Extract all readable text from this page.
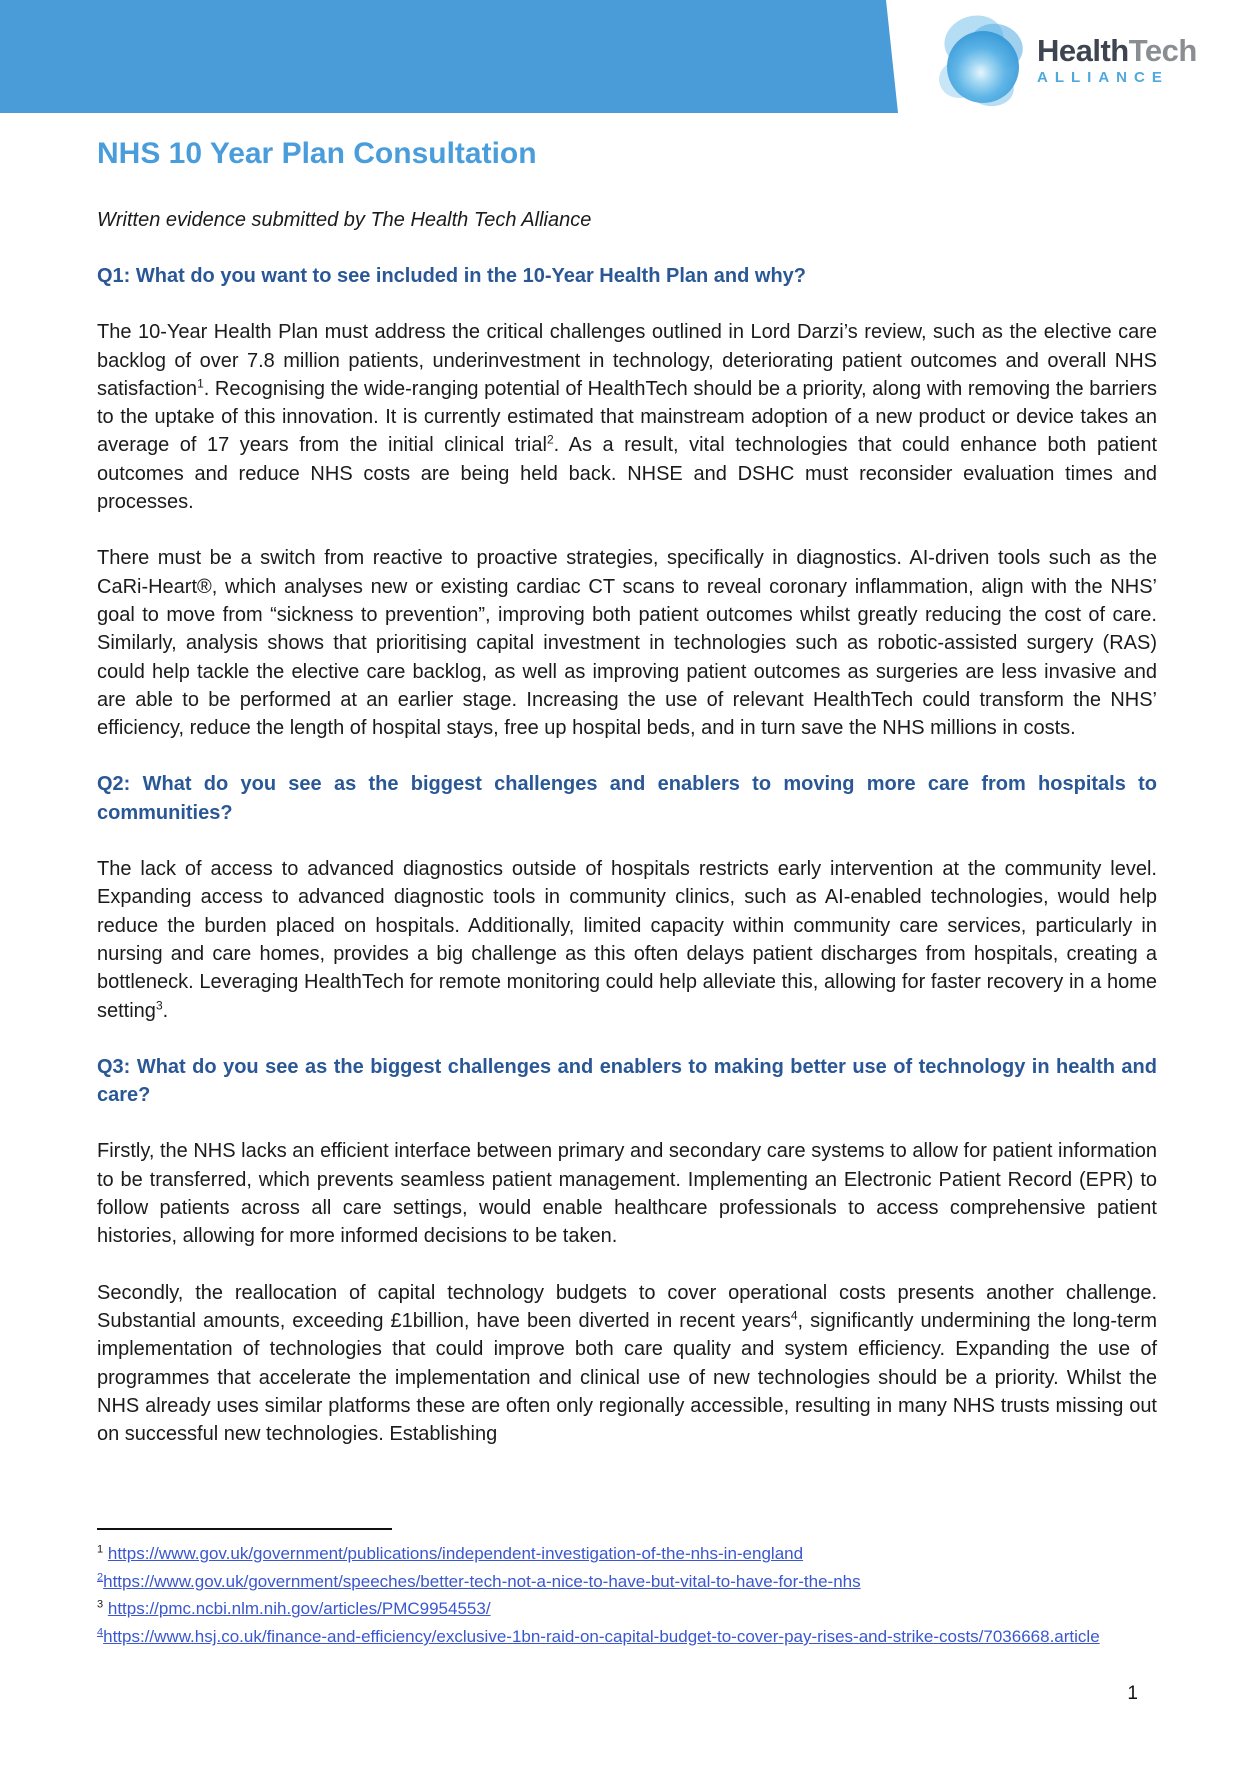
HealthTech
ALLIANCE
NHS 10 Year Plan Consultation

Written evidence submitted by The Health Tech Alliance

Q1: What do you want to see included in the 10-Year Health Plan and why?

The 10-Year Health Plan must address the critical challenges outlined in Lord Darzi’s review, such as the elective care backlog of over 7.8 million patients, underinvestment in technology, deteriorating patient outcomes and overall NHS satisfaction$^1$. Recognising the wide-ranging potential of HealthTech should be a priority, along with removing the barriers to the uptake of this innovation. It is currently estimated that mainstream adoption of a new product or device takes an average of 17 years from the initial clinical trial$^2$. As a result, vital technologies that could enhance both patient outcomes and reduce NHS costs are being held back. NHSE and DSHC must reconsider evaluation times and processes.

There must be a switch from reactive to proactive strategies, specifically in diagnostics. AI-driven tools such as the CaRi-Heart®, which analyses new or existing cardiac CT scans to reveal coronary inflammation, align with the NHS’ goal to move from “sickness to prevention”, improving both patient outcomes whilst greatly reducing the cost of care. Similarly, analysis shows that prioritising capital investment in technologies such as robotic-assisted surgery (RAS) could help tackle the elective care backlog, as well as improving patient outcomes as surgeries are less invasive and are able to be performed at an earlier stage. Increasing the use of relevant HealthTech could transform the NHS’ efficiency, reduce the length of hospital stays, free up hospital beds, and in turn save the NHS millions in costs.

Q2: What do you see as the biggest challenges and enablers to moving more care from hospitals to communities?

The lack of access to advanced diagnostics outside of hospitals restricts early intervention at the community level. Expanding access to advanced diagnostic tools in community clinics, such as AI-enabled technologies, would help reduce the burden placed on hospitals. Additionally, limited capacity within community care services, particularly in nursing and care homes, provides a big challenge as this often delays patient discharges from hospitals, creating a bottleneck. Leveraging HealthTech for remote monitoring could help alleviate this, allowing for faster recovery in a home setting$^3$.

Q3: What do you see as the biggest challenges and enablers to making better use of technology in health and care?

Firstly, the NHS lacks an efficient interface between primary and secondary care systems to allow for patient information to be transferred, which prevents seamless patient management. Implementing an Electronic Patient Record (EPR) to follow patients across all care settings, would enable healthcare professionals to access comprehensive patient histories, allowing for more informed decisions to be taken.

Secondly, the reallocation of capital technology budgets to cover operational costs presents another challenge. Substantial amounts, exceeding £1billion, have been diverted in recent years$^4$, significantly undermining the long-term implementation of technologies that could improve both care quality and system efficiency. Expanding the use of programmes that accelerate the implementation and clinical use of new technologies should be a priority. Whilst the NHS already uses similar platforms these are often only regionally accessible, resulting in many NHS trusts missing out on successful new technologies. Establishing

$^1$ https://www.gov.uk/government/publications/independent-investigation-of-the-nhs-in-england
$^2$https://www.gov.uk/government/speeches/better-tech-not-a-nice-to-have-but-vital-to-have-for-the-nhs
$^3$ https://pmc.ncbi.nlm.nih.gov/articles/PMC9954553/
$^4$https://www.hsj.co.uk/finance-and-efficiency/exclusive-1bn-raid-on-capital-budget-to-cover-pay-rises-and-strike-costs/7036668.article
1
